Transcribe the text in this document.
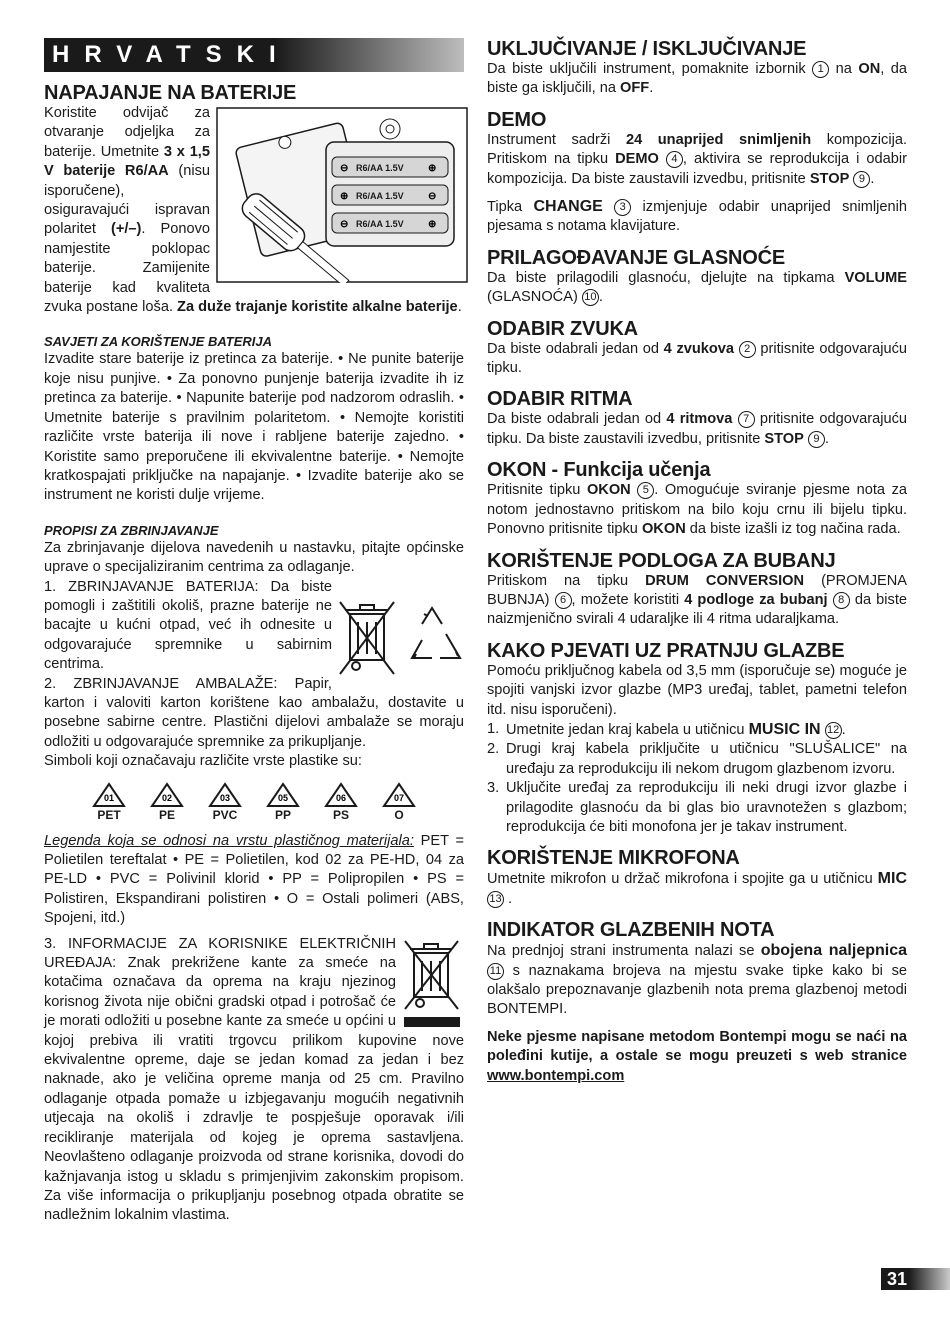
HRVATSKI
NAPAJANJE NA BATERIJE
R6/AA 1.5V
⊖	⊕
R6/AA 1.5V
⊕	⊖
R6/AA 1.5V
⊖	⊕

Koristite odvijač za otvaranje odjeljka za baterije. Umetnite 3 x 1,5 V baterije R6/AA (nisu isporučene), osiguravajući ispravan polaritet (+/–). Ponovo namjestite poklopac baterije. Zamijenite baterije kad kvaliteta zvuka postane loša. Za duže trajanje koristite alkalne baterije.

SAVJETI ZA KORIŠTENJE BATERIJA

Izvadite stare baterije iz pretinca za baterije. • Ne punite baterije koje nisu punjive. • Za ponovno punjenje baterija izvadite ih iz pretinca za baterije. • Napunite baterije pod nadzorom odraslih. • Umetnite baterije s pravilnim polaritetom. • Nemojte koristiti različite vrste baterija ili nove i rabljene baterije zajedno. • Koristite samo preporučene ili ekvivalentne baterije. • Nemojte kratkospajati priključke na napajanje. • Izvadite baterije ako se instrument ne koristi dulje vrijeme.

PROPISI ZA ZBRINJAVANJE

Za zbrinjavanje dijelova navedenih u nastavku, pitajte općinske uprave o specijaliziranim centrima za odlaganje.

1. ZBRINJAVANJE BATERIJA: Da biste pomogli i zaštitili okoliš, prazne baterije ne bacajte u kućni otpad, već ih odnesite u odgovarajuće spremnike u sabirnim centrima.

2. ZBRINJAVANJE AMBALAŽE: Papir, karton i valoviti karton korištene kao ambalažu, dostavite u posebne sabirne centre. Plastični dijelovi ambalaže se moraju odložiti u odgovarajuće spremnike za prikupljanje.

Simboli koji označavaju različite vrste plastike su:

01
PET
02
PE
03
PVC
05
PP
06
PS
07
O

Legenda koja se odnosi na vrstu plastičnog materijala: PET = Polietilen tereftalat • PE = Polietilen, kod 02 za PE-HD, 04 za PE-LD • PVC = Polivinil klorid • PP = Polipropilen • PS = Polistiren, Ekspandirani polistiren • O = Ostali polimeri (ABS, Spojeni, itd.)

3. INFORMACIJE ZA KORISNIKE ELEKTRIČNIH UREĐAJA: Znak prekrižene kante za smeće na kotačima označava da oprema na kraju njezinog korisnog života nije obični gradski otpad i potrošač će je morati odložiti u posebne kante za smeće u općini u kojoj prebiva ili vratiti trgovcu prilikom kupovine nove ekvivalentne opreme, daje se jedan komad za jedan i bez naknade, ako je veličina opreme manja od 25 cm. Pravilno odlaganje otpada pomaže u izbjegavanju mogućih negativnih utjecaja na okoliš i zdravlje te pospješuje oporavak i/ili recikliranje materijala od kojeg je oprema sastavljena. Neovlašteno odlaganje proizvoda od strane korisnika, dovodi do kažnjavanja istog u skladu s primjenjivim zakonskim propisom. Za više informacija o prikupljanju posebnog otpada obratite se nadležnim lokalnim vlastima.

UKLJUČIVANJE / ISKLJUČIVANJE

Da biste uključili instrument, pomaknite izbornik 1 na ON, da biste ga isključili, na OFF.

DEMO

Instrument sadrži 24 unaprijed snimljenih kompozicija. Pritiskom na tipku DEMO 4 , aktivira se reprodukcija i odabir kompozicija. Da biste zaustavili izvedbu, pritisnite STOP 9 .

Tipka CHANGE 3 izmjenjuje odabir unaprijed snimljenih pjesama s notama klavijature.

PRILAGOĐAVANJE GLASNOĆE

Da biste prilagodili glasnoću, djelujte na tipkama VOLUME (GLASNOĆA) 10 .

ODABIR ZVUKA

Da biste odabrali jedan od 4 zvukova 2 pritisnite odgovarajuću tipku.

ODABIR RITMA

Da biste odabrali jedan od 4 ritmova 7 pritisnite odgovarajuću tipku. Da biste zaustavili izvedbu, pritisnite STOP 9 .

OKON - Funkcija učenja

Pritisnite tipku OKON 5 . Omogućuje sviranje pjesme nota za notom jednostavno pritiskom na bilo koju crnu ili bijelu tipku. Ponovno pritisnite tipku OKON da biste izašli iz tog načina rada.

KORIŠTENJE PODLOGA ZA BUBANJ

Pritiskom na tipku DRUM CONVERSION (PROMJENA BUBNJA) 6 , možete koristiti 4 podloge za bubanj 8 da biste naizmjenično svirali 4 udaraljke ili 4 ritma udaraljkama.

KAKO PJEVATI UZ PRATNJU GLAZBE

Pomoću priključnog kabela od 3,5 mm (isporučuje se) moguće je spojiti vanjski izvor glazbe (MP3 uređaj, tablet, pametni telefon itd. nisu isporučeni).

1. Umetnite jedan kraj kabela u utičnicu MUSIC IN 12 .
2. Drugi kraj kabela priključite u utičnicu "SLUŠALICE" na uređaju za reprodukciju ili nekom drugom glazbenom izvoru.
3. Uključite uređaj za reprodukciju ili neki drugi izvor glazbe i prilagodite glasnoću da bi glas bio uravnotežen s glazbom; reprodukcija će biti monofona jer je takav instrument.
KORIŠTENJE MIKROFONA

Umetnite mikrofon u držač mikrofona i spojite ga u utičnicu MIC 13 .

INDIKATOR GLAZBENIH NOTA

Na prednjoj strani instrumenta nalazi se obojena naljepnica 11 s naznakama brojeva na mjestu svake tipke kako bi se olakšalo prepoznavanje glazbenih nota prema glazbenoj metodi BONTEMPI.

Neke pjesme napisane metodom Bontempi mogu se naći na poleđini kutije, a ostale se mogu preuzeti s web stranice www.bontempi.com

31
